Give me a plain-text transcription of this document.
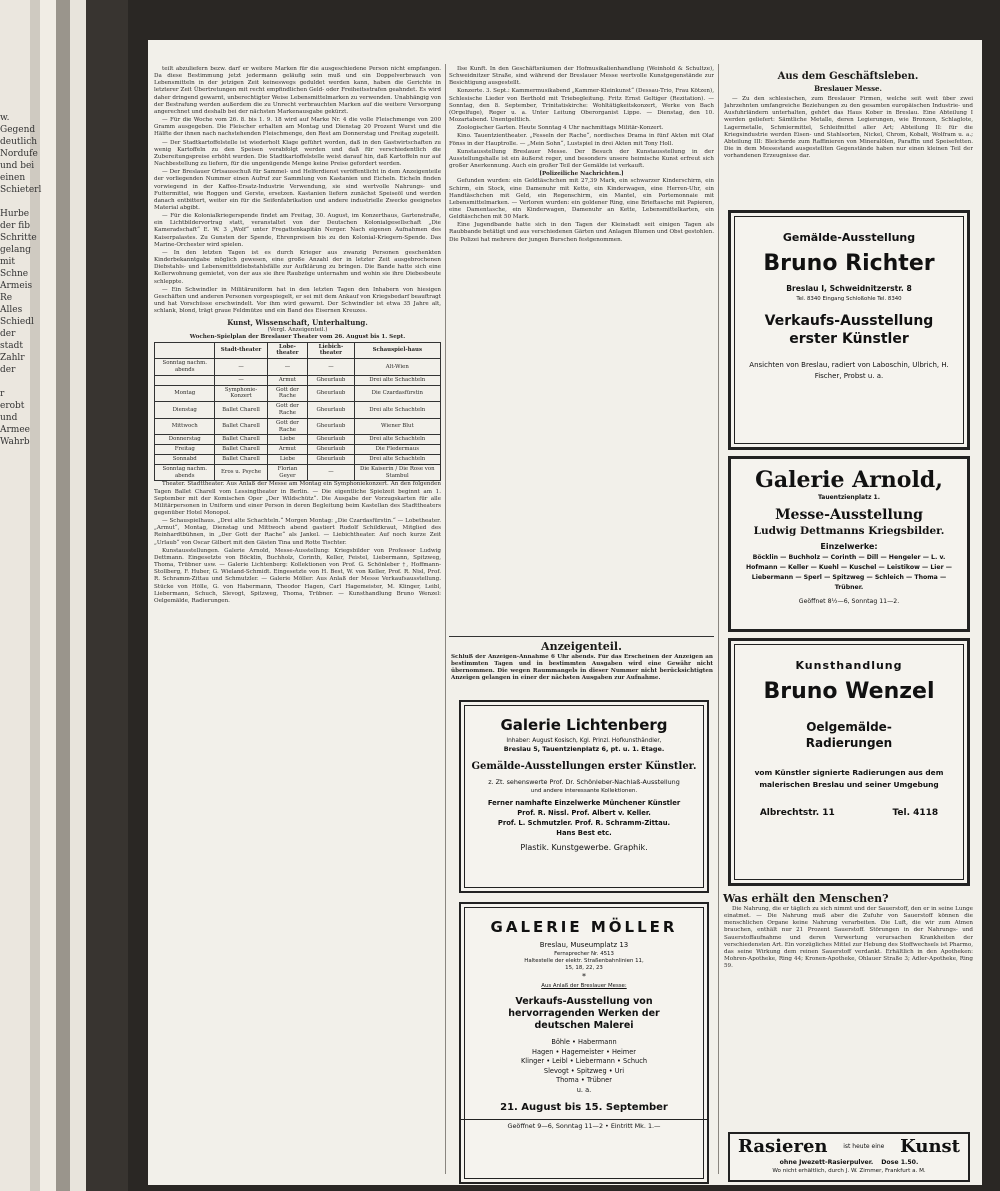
w.
Gegend
deutlich
Nordufe
und bei
einen
Schieterl

Hurbe
der fib
Schritte
gelang
mit
Schne
Armeis
Re
Alles
Schiedl
der
stadt
Zahlr
der

r
erobt
und
Armee
Wahrb

teilt abzuliefern bezw. darf er weitere Marken für die ausgeschiedene Person nicht empfangen. Da diese Bestimmung jetzt jedermann geläufig sein muß und ein Doppelverbrauch von Lebensmitteln in der jetzigen Zeit keineswegs geduldet werden kann, haben die Gerichte in letzterer Zeit Übertretungen mit recht empfindlichen Geld- oder Freiheitsstrafen geahndet. Es wird daher dringend gewarnt, unberechtigter Weise Lebensmittelmarken zu verwenden. Unabhängig von der Bestrafung werden außerdem die zu Unrecht verbrauchten Marken auf die weitere Versorgung angerechnet und deshalb bei der nächsten Markenausgabe gekürzt.

— Für die Woche vom 26. 8. bis 1. 9. 18 wird auf Marke Nr. 4 die volle Fleischmenge von 200 Gramm ausgegeben. Die Fleischer erhalten am Montag und Dienstag 20 Prozent Wurst und die Hälfte der ihnen nach nachstehenden Fleischmenge, den Rest am Donnerstag und Freitag zugeteilt.

— Der Stadtkartoffelstelle ist wiederholt Klage geführt worden, daß in den Gastwirtschaften zu wenig Kartoffeln zu den Speisen verabfolgt werden und daß für verschiedentlich die Zubereitungspreise erhöht wurden. Die Stadtkartoffelstelle weist darauf hin, daß Kartoffeln nur auf Nachbestellung zu liefern, für die ungenügende Menge keine Preise gefordert werden.

— Der Breslauer Ortsausschuß für Sammel- und Helferdienst veröffentlicht in dem Anzeigenteile der vorliegenden Nummer einen Aufruf zur Sammlung von Kastanien und Eicheln. Eicheln finden vorwiegend in der Kaffee-Ersatz-Industrie Verwendung, sie sind wertvolle Nahrungs- und Futtermittel, wie Roggen und Gerste, ersetzen. Kastanien liefern zunächst Speiseöl und werden danach entbittert, weiter ein für die Seifenfabrikation und andere industrielle Zwecke geeignetes Material abgibt.

— Für die Kolonialkriegerspende findet am Freitag, 30. August, im Konzerthaus, Gartenstraße, ein Lichtbildervortrag statt, veranstaltet von der Deutschen Kolonialgesellschaft „Die Kameradschaft“ E. W. 3 „Wolf“ unter Fregattenkapitän Nerger. Nach eigenen Aufnahmen des Kaiserpalastes. Zu Gunsten der Spende, Ehrenpreisen bis zu den Kolonial-Kriegern-Spende. Das Marine-Orchester wird spielen.

— In den letzten Tagen ist es durch Krieger aus zwanzig Personen geschenkten Kinderbekanntgabe möglich gewesen, eine große Anzahl der in letzter Zeit ausgebrochenen Diebstahls- und Lebensmitteldiebstahlsfälle zur Aufklärung zu bringen. Die Bande hatte sich eine Kellerwohnung gemietet, von der aus sie ihre Raubzüge unternahm und wohin sie ihre Diebesbeute schleppte.

— Ein Schwindler in Militäruniform hat in den letzten Tagen den Inhabern von hiesigen Geschäften und anderen Personen vorgespiegelt, er sei mit dem Ankauf von Kriegsbedarf beauftragt und hat Vorschüsse erschwindelt. Vor ihm wird gewarnt. Der Schwindler ist etwa 35 Jahre alt, schlank, blond, trägt graue Feldmütze und ein Band des Eisernen Kreuzes.

Kunst, Wissenschaft, Unterhaltung.
(Vergl. Anzeigenteil.)
Wochen-Spielplan der Breslauer Theater vom 26. August bis 1. Sept.
	Stadt-theater	Lobe-theater	Liebich-theater	Schauspiel-haus
Sonntag nachm. abends	—	—	—	Alt-Wien
	—	Armut	Gheurlaub	Drei alte Schachteln
Montag	Symphonie-Konzert	Gott der Rache	Gheurlaub	Die Czardasfürstin
Dienstag	Ballet Charell	Gott der Rache	Gheurlaub	Drei alte Schachteln
Mittwoch	Ballet Charell	Gott der Rache	Gheurlaub	Wiener Blut
Donnerstag	Ballet Charell	Liebe	Gheurlaub	Drei alte Schachteln
Freitag	Ballet Charell	Armut	Gheurlaub	Die Fledermaus
Sonnabd	Ballet Charell	Liebe	Gheurlaub	Drei alte Schachteln
Sonntag nachm. abends	Eros u. Psyche	Florian Geyer	—	Die Kaiserin / Die Rose von Stambul

Theater. Stadttheater. Aus Anlaß der Messe am Montag ein Symphoniekonzert. An den folgenden Tagen Ballet Charell vom Lessingtheater in Berlin. — Die eigentliche Spielzeit beginnt am 1. September mit der Komischen Oper „Der Wildschütz“. Die Ausgabe der Vorzugskarten für alle Militärpersonen in Uniform und einer Person in deren Begleitung beim Kastellan des Stadttheaters gegenüber Hotel Monopol.

— Schauspielhaus. „Drei alte Schachteln.“ Morgen Montag: „Die Czardasfürstin.“ — Lobetheater. „Armut“, Montag, Dienstag und Mittwoch abend gastiert Rudolf Schildkraut, Mitglied des Reinhardtbühnen, in „Der Gott der Rache“ als Jankel. — Liebichtheater. Auf noch kurze Zeit „Urlaub“ von Oscar Gilbert mit den Gästen Tina und Rotte Tischter.

Kunstausstellungen. Galerie Arnold, Messe-Ausstellung: Kriegsbilder von Professor Ludwig Dettmann. Eingesetzte von Böcklin, Buchholz, Corinth, Keller, Feistel, Liebermann, Spitzweg, Thoma, Trübner usw. — Galerie Lichtenberg: Kollektionen von Prof. G. Schönleber †, Hoffmann-Stollberg, F. Huber, G. Wieland-Schmidt. Eingesetzte von H. Best, W. von Keller, Prof. R. Nisl, Prof. R. Schramm-Zittau und Schmutzler. — Galerie Möller: Aus Anlaß der Messe Verkaufsausstellung. Stücke von Hölle, G. von Habermann, Theodor Hagen, Carl Hagemeister, M. Klinger, Leibl, Liebermann, Schuch, Slevogt, Spitzweg, Thoma, Trübner. — Kunsthandlung Bruno Wenzel: Oelgemälde, Radierungen.

Ilse Kunft. In den Geschäftsräumen der Hofmusikalienhandlung (Weinhold & Schultze), Schweidnitzer Straße, sind während der Breslauer Messe wertvolle Kunstgegenstände zur Besichtigung ausgestellt.

Konzerte. 3. Sept.: Kammermusikabend „Kammer-Kleinkunst“ (Dessau-Trio, Frau Kötzen), Schlesische Lieder von Berthold mit Triebegleitung. Fritz Ernst Geltiger (Rezitation). — Sonntag, den 8. September, Trinitatiskirche: Wohltätigkeitskonzert, Werke von Bach (Orgelfuge), Reger u. a. Unter Leitung Oberorganist Lippe. — Dienstag, den 10. Mozartabend. Unentgeltlich.

Zoologischer Garten. Heute Sonntag 4 Uhr nachmittags Militär-Konzert.

Kino. Tauentzientheater. „Fesseln der Rache“, nordisches Drama in fünf Akten mit Olaf Fönss in der Hauptrolle. — „Mein Sohn“, Lustspiel in drei Akten mit Tony Holl.

Kunstausstellung Breslauer Messe. Der Besuch der Kunstausstellung in der Ausstellungshalle ist ein äußerst reger, und besonders unsere heimische Kunst erfreut sich großer Anerkennung. Auch ein großer Teil der Gemälde ist verkauft.

[Polizeiliche Nachrichten.]

Gefunden wurden: ein Geldtäschchen mit 27,39 Mark, ein schwarzer Kinderschirm, ein Schirm, ein Stock, eine Damenuhr mit Kette, ein Kinderwagen, eine Herren-Uhr, ein Handtäschchen mit Geld, ein Regenschirm, ein Mantel, ein Portemonnaie mit Lebensmittelmarken. — Verloren wurden: ein goldener Ring, eine Brieftasche mit Papieren, eine Damentasche, ein Kinderwagen, Damenuhr an Kette, Lebensmittelkarten, ein Geldtäschchen mit 50 Mark.

Eine Jugendbande hatte sich in den Tagen der Kleinstadt seit einigen Tagen als Raubbande betätigt und aus verschiedenen Gärten und Anlagen Blumen und Obst gestohlen. Die Polizei hat mehrere der jungen Burschen festgenommen.

Anzeigenteil.
Schluß der Anzeigen-Annahme 6 Uhr abends. Für das Erscheinen der Anzeigen an bestimmten Tagen und in bestimmten Ausgaben wird eine Gewähr nicht übernommen. Die wegen Raummangels in dieser Nummer nicht berücksichtigten Anzeigen gelangen in einer der nächsten Ausgaben zur Aufnahme.
Galerie Lichtenberg
Inhaber: August Kosisch, Kgl. Prinzl. Hofkunsthändler,
Breslau 5, Tauentzienplatz 6, pt. u. 1. Etage.
Gemälde-Ausstellungen erster Künstler.
z. Zt. sehenswerte Prof. Dr. Schönleber-Nachlaß-Ausstellung
und andere interessante Kollektionen.
Ferner namhafte Einzelwerke Münchener Künstler
Prof. R. Nissl. Prof. Albert v. Keller.
Prof. L. Schmutzler. Prof. R. Schramm-Zittau.
Hans Best etc.
Plastik. Kunstgewerbe. Graphik.
GALERIE MÖLLER
Breslau, Museumplatz 13
Fernsprecher Nr. 4513
Haltestelle der elektr. Straßenbahnlinien 11, 15, 18, 22, 23
*
Aus Anlaß der Breslauer Messe:
Verkaufs-Ausstellung von hervorragenden Werken der deutschen Malerei
Böhle • Habermann
Hagen • Hagemeister • Heimer
Klinger • Leibl • Liebermann • Schuch
Slevogt • Spitzweg • Uri
Thoma • Trübner
u. a.
21. August bis 15. September
Geöffnet 9—6, Sonntag 11—2 • Eintritt Mk. 1.—
Aus dem Geschäftsleben.
Breslauer Messe.

— Zu den schlesischen, zum Breslauer Firmen, welche seit weit über zwei Jahrzehnten umfangreiche Beziehungen zu den gesamten europäischen Industrie- und Ausfuhrländern unterhalten, gehört das Haus Kober in Breslau. Eine Abteilung I werden geliefert: Sämtliche Metalle, deren Legierungen, wie Bronzen, Schlaglote, Lagermetalle, Schmiermittel, Schleifmittel aller Art; Abteilung II: für die Kriegsindustrie werden Eisen- und Stahlsorten, Nickel, Chrom, Kobalt, Wolfram u. a.; Abteilung III: Bleicherde zum Raffinieren von Mineralölen, Paraffin und Speisefetten. Die in dem Messestand ausgestellten Gegenstände haben nur einen kleinen Teil der vorhandenen Erzeugnisse dar.

Gemälde-Ausstellung
Bruno Richter
Breslau I, Schweidnitzerstr. 8
Tel. 8340 Eingang Schloßohle Tel. 8340
Verkaufs-Ausstellung
erster Künstler
Ansichten von Breslau, radiert von Laboschin, Ulbrich, H. Fischer, Probst u. a.
Galerie Arnold,
Tauentzienplatz 1.
Messe-Ausstellung
Ludwig Dettmanns Kriegsbilder.
Einzelwerke:
Böcklin — Buchholz — Corinth — Dill — Hengeler — L. v. Hofmann — Keller — Kuehl — Kuschel — Leistikow — Lier — Liebermann — Sperl — Spitzweg — Schleich — Thoma — Trübner.
Geöffnet 8½—6, Sonntag 11—2.
Kunsthandlung
Bruno Wenzel
Oelgemälde-
Radierungen
vom Künstler signierte Radierungen aus dem malerischen Breslau und seiner Umgebung
Albrechtstr. 11	Tel. 4118
Was erhält den Menschen?

Die Nahrung, die er täglich zu sich nimmt und der Sauerstoff, den er in seine Lunge einatmet. — Die Nahrung muß aber die Zufuhr von Sauerstoff können die menschlichen Organe keine Nahrung verarbeiten. Die Luft, die wir zum Atmen brauchen, enthält nur 21 Prozent Sauerstoff. Störungen in der Nahrungs- und Sauerstoffaufnahme und deren Verwertung verursachen Krankheiten der verschiedensten Art. Ein vorzügliches Mittel zur Hebung des Stoffwechsels ist Pharmo, das seine Wirkung dem reinen Sauerstoff verdankt. Erhältlich in den Apotheken: Mohren-Apotheke, Ring 44; Kronen-Apotheke, Ohlauer Straße 3; Adler-Apotheke, Ring 59.

Rasieren	ist heute eine Kunst
ohne Jwezett-Rasierpulver. Dose 1.50.
Wo nicht erhältlich, durch J. W. Zimmer, Frankfurt a. M.
